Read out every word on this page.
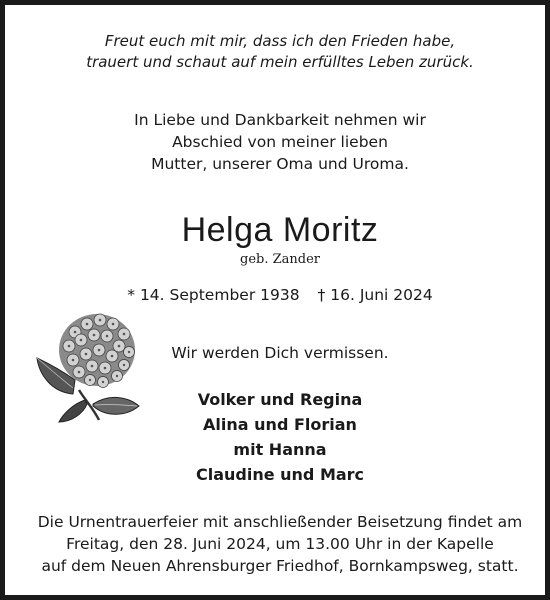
Freut euch mit mir, dass ich den Frieden habe,
trauert und schaut auf mein erfülltes Leben zurück.
In Liebe und Dankbarkeit nehmen wir
Abschied von meiner lieben
Mutter, unserer Oma und Uroma.
Helga Moritz
geb. Zander
* 14. September 1938 † 16. Juni 2024
Wir werden Dich vermissen.
Volker und Regina
Alina und Florian
mit Hanna
Claudine und Marc
Die Urnentrauerfeier mit anschließender Beisetzung findet am
Freitag, den 28. Juni 2024, um 13.00 Uhr in der Kapelle
auf dem Neuen Ahrensburger Friedhof, Bornkampsweg, statt.
